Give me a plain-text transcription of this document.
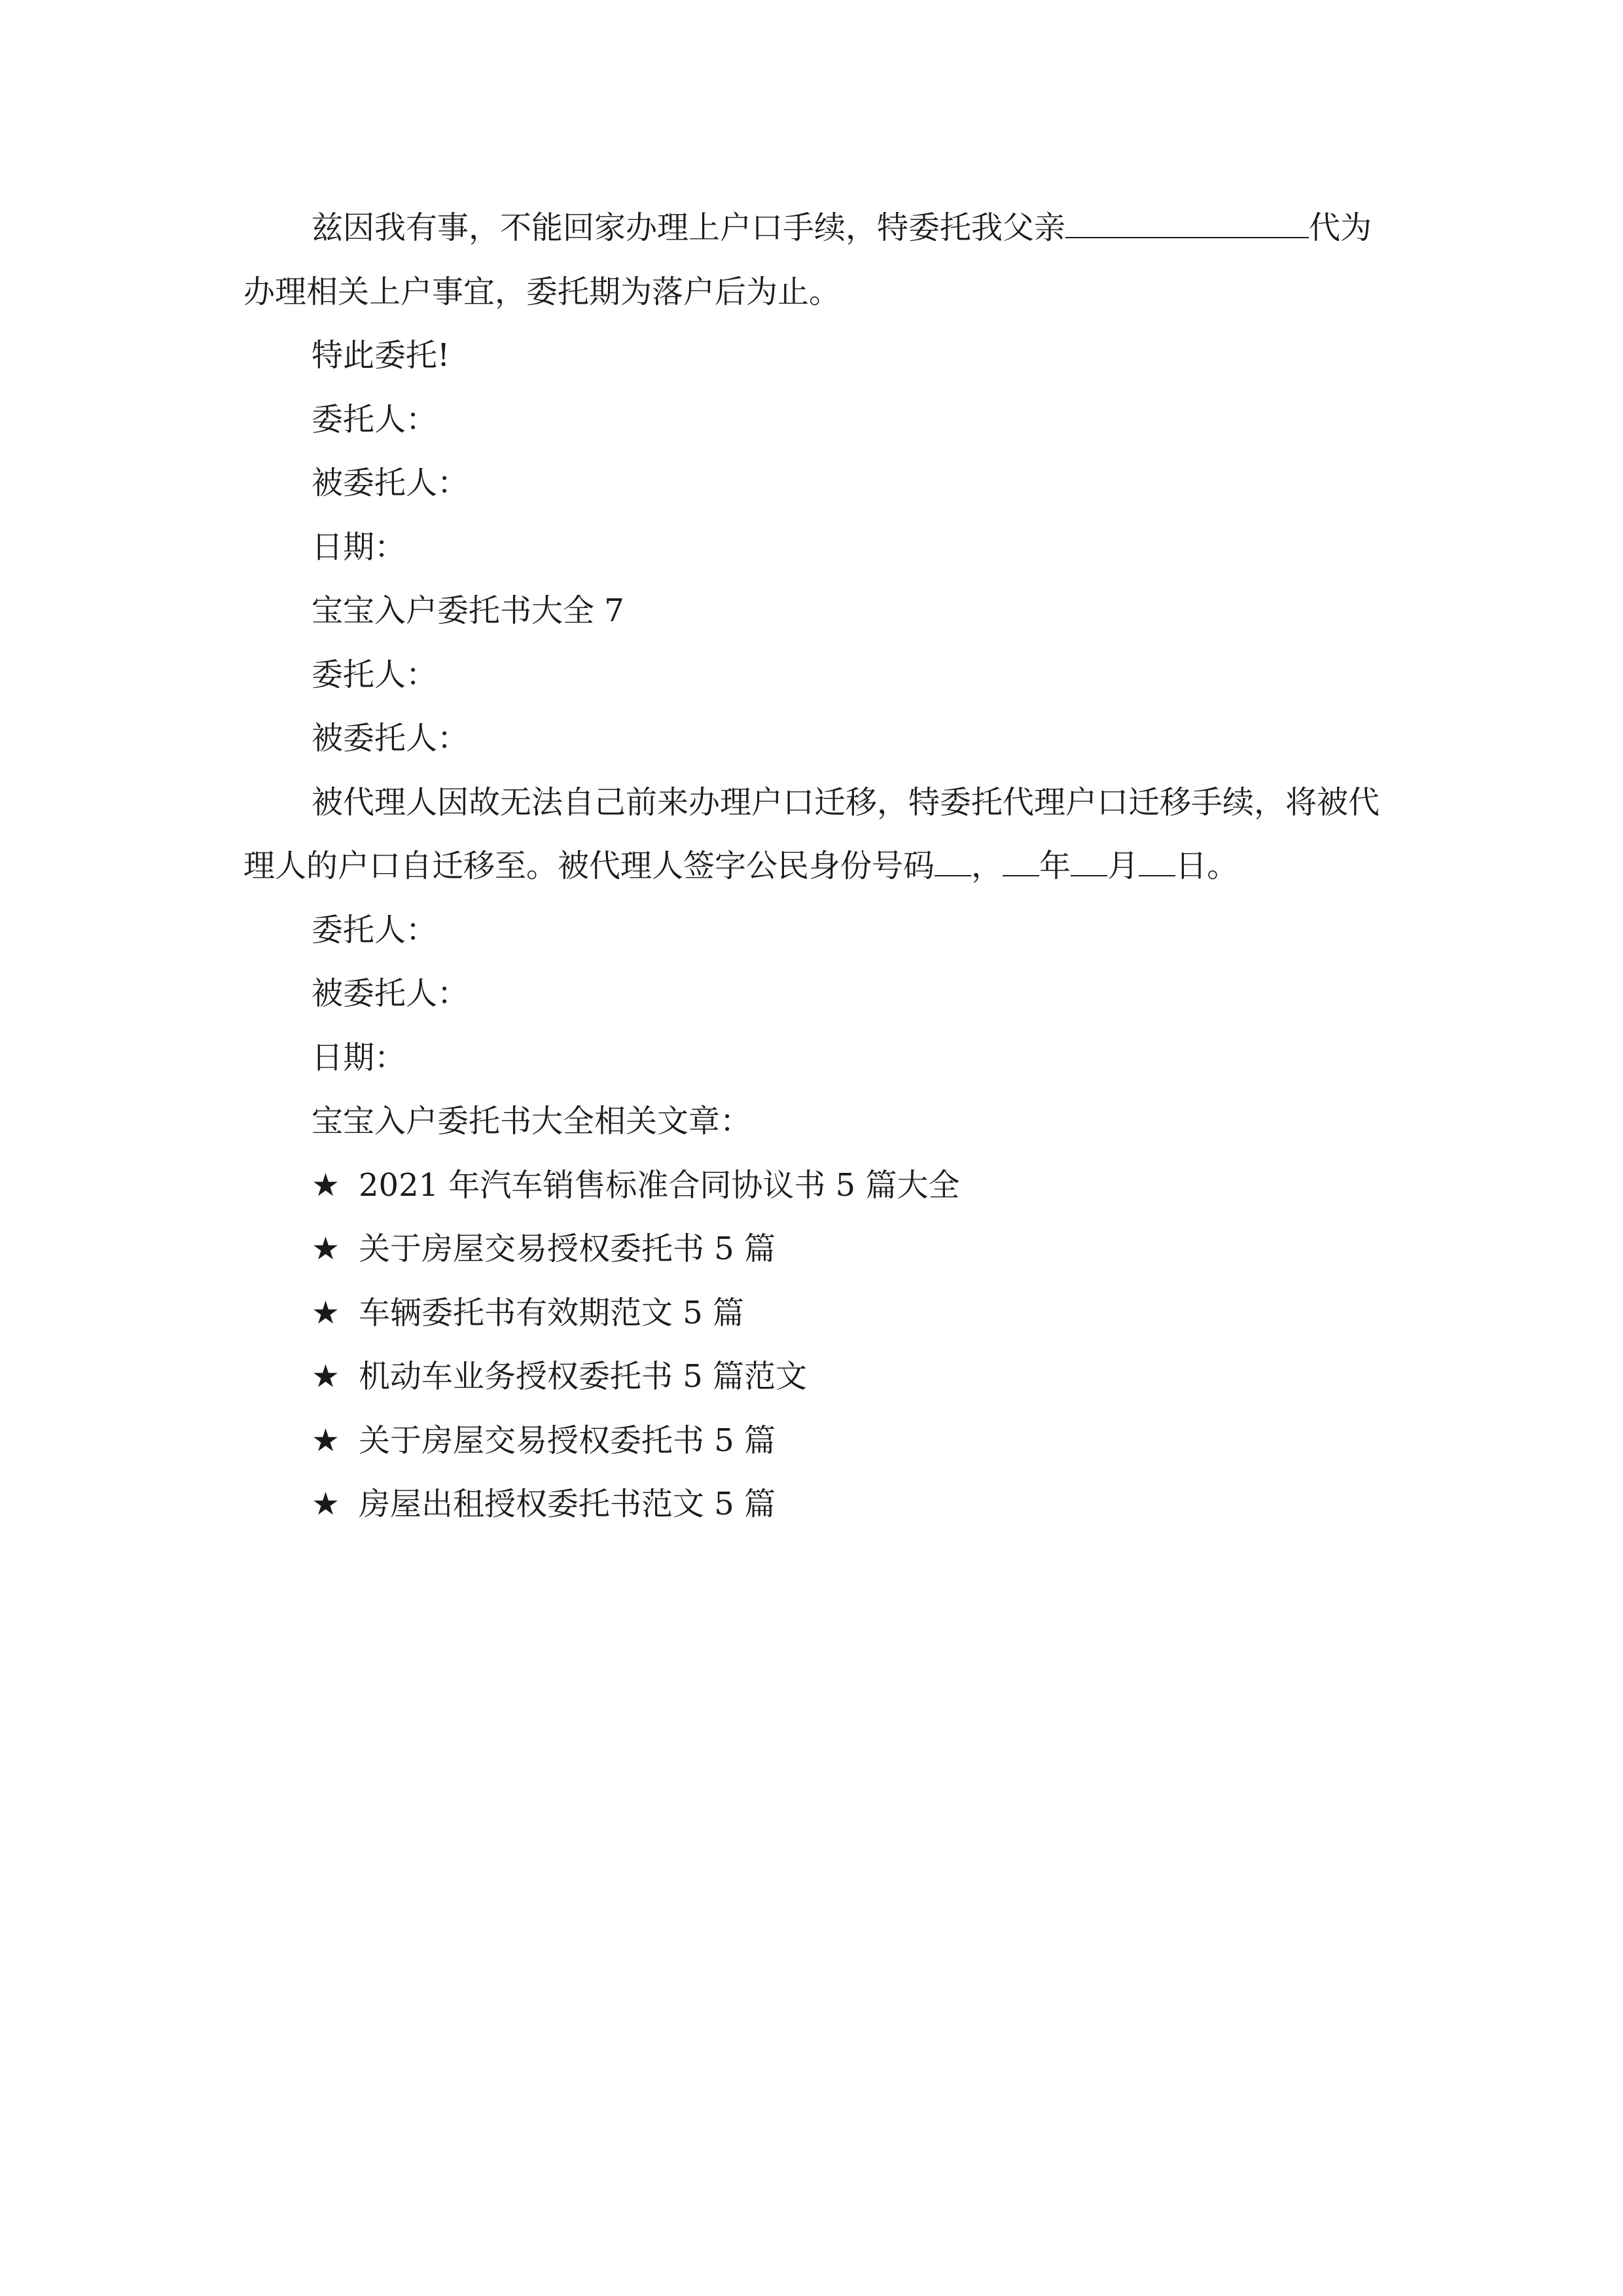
兹因我有事，不能回家办理上户口手续，特委托我父亲	代为办理相关上户事宜，委托期为落户后为止。

特此委托!

委托人：

被委托人：

日期：

宝宝入户委托书大全 7

委托人：

被委托人：

被代理人因故无法自己前来办理户口迁移，特委托代理户口迁移手续，将被代理人的户口自迁移至。被代理人签字公民身份号码 ， 年 月 日。

委托人：

被委托人：

日期：

宝宝入户委托书大全相关文章：

★ 2021 年汽车销售标准合同协议书 5 篇大全
★ 关于房屋交易授权委托书 5 篇
★ 车辆委托书有效期范文 5 篇
★ 机动车业务授权委托书 5 篇范文
★ 关于房屋交易授权委托书 5 篇
★ 房屋出租授权委托书范文 5 篇
